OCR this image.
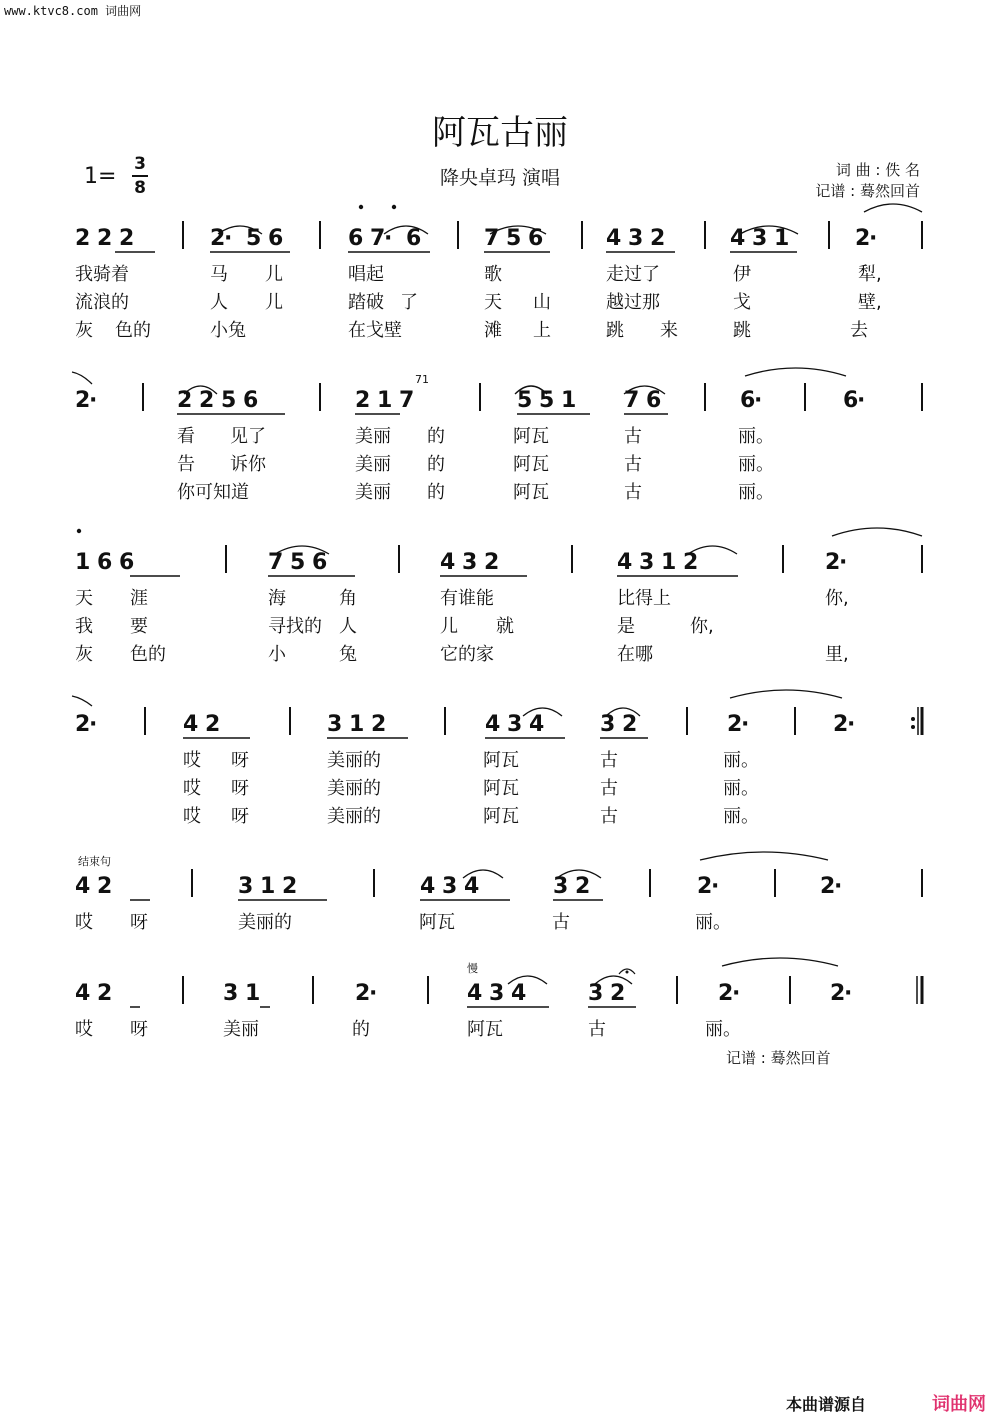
www.ktvc8.com 词曲网
阿瓦古丽
1= 3
8	降央卓玛 演唱	词 曲 : 佚 名
记谱 : 蓦然回首
2 2 2	2
· 5 6	6 7
· 6	7 5 6	4 3 2	4 3 1	2
·
我骑着	马 儿	唱起	歌	走过了	伊	犁,
流浪的	人 儿	踏破 了	天 山	越过那	戈	壁,
灰 色的	小兔	在戈壁	滩 上	跳 来	跳	去
2
·	2 2 5 6	2 1 7	5 5 1 7 6	6
·	6
·
看 见了	美丽 的	阿瓦	古	丽。
告 诉你	美丽 的	阿瓦	古	丽。
你可知道	美丽 的	阿瓦	古	丽。
1 6 6	7 5 6	4 3 2	4 3 1 2	2
·
天 涯	海	角	有谁能	比得上	你,
我 要	寻找的 人	儿 就	是	你,
灰 色的	小	兔	它的家	在哪	里,
2
·	4 2	3 1 2	4 3 4	3 2	2
·	2
·
哎 呀	美丽的	阿瓦	古	丽。
哎 呀	美丽的	阿瓦	古	丽。
哎 呀	美丽的	阿瓦	古	丽。
4 2	3 1 2	4 3 4	3 2	2
·	2
·
哎 呀	美丽的	阿瓦	古	丽。
4 2	3 1	2
·	4 3 4	3 2	2
·	2
·
哎 呀	美丽	的	阿瓦	古	丽。
71
结束句
慢
记谱 : 蓦然回首
本曲谱源自	词曲网
